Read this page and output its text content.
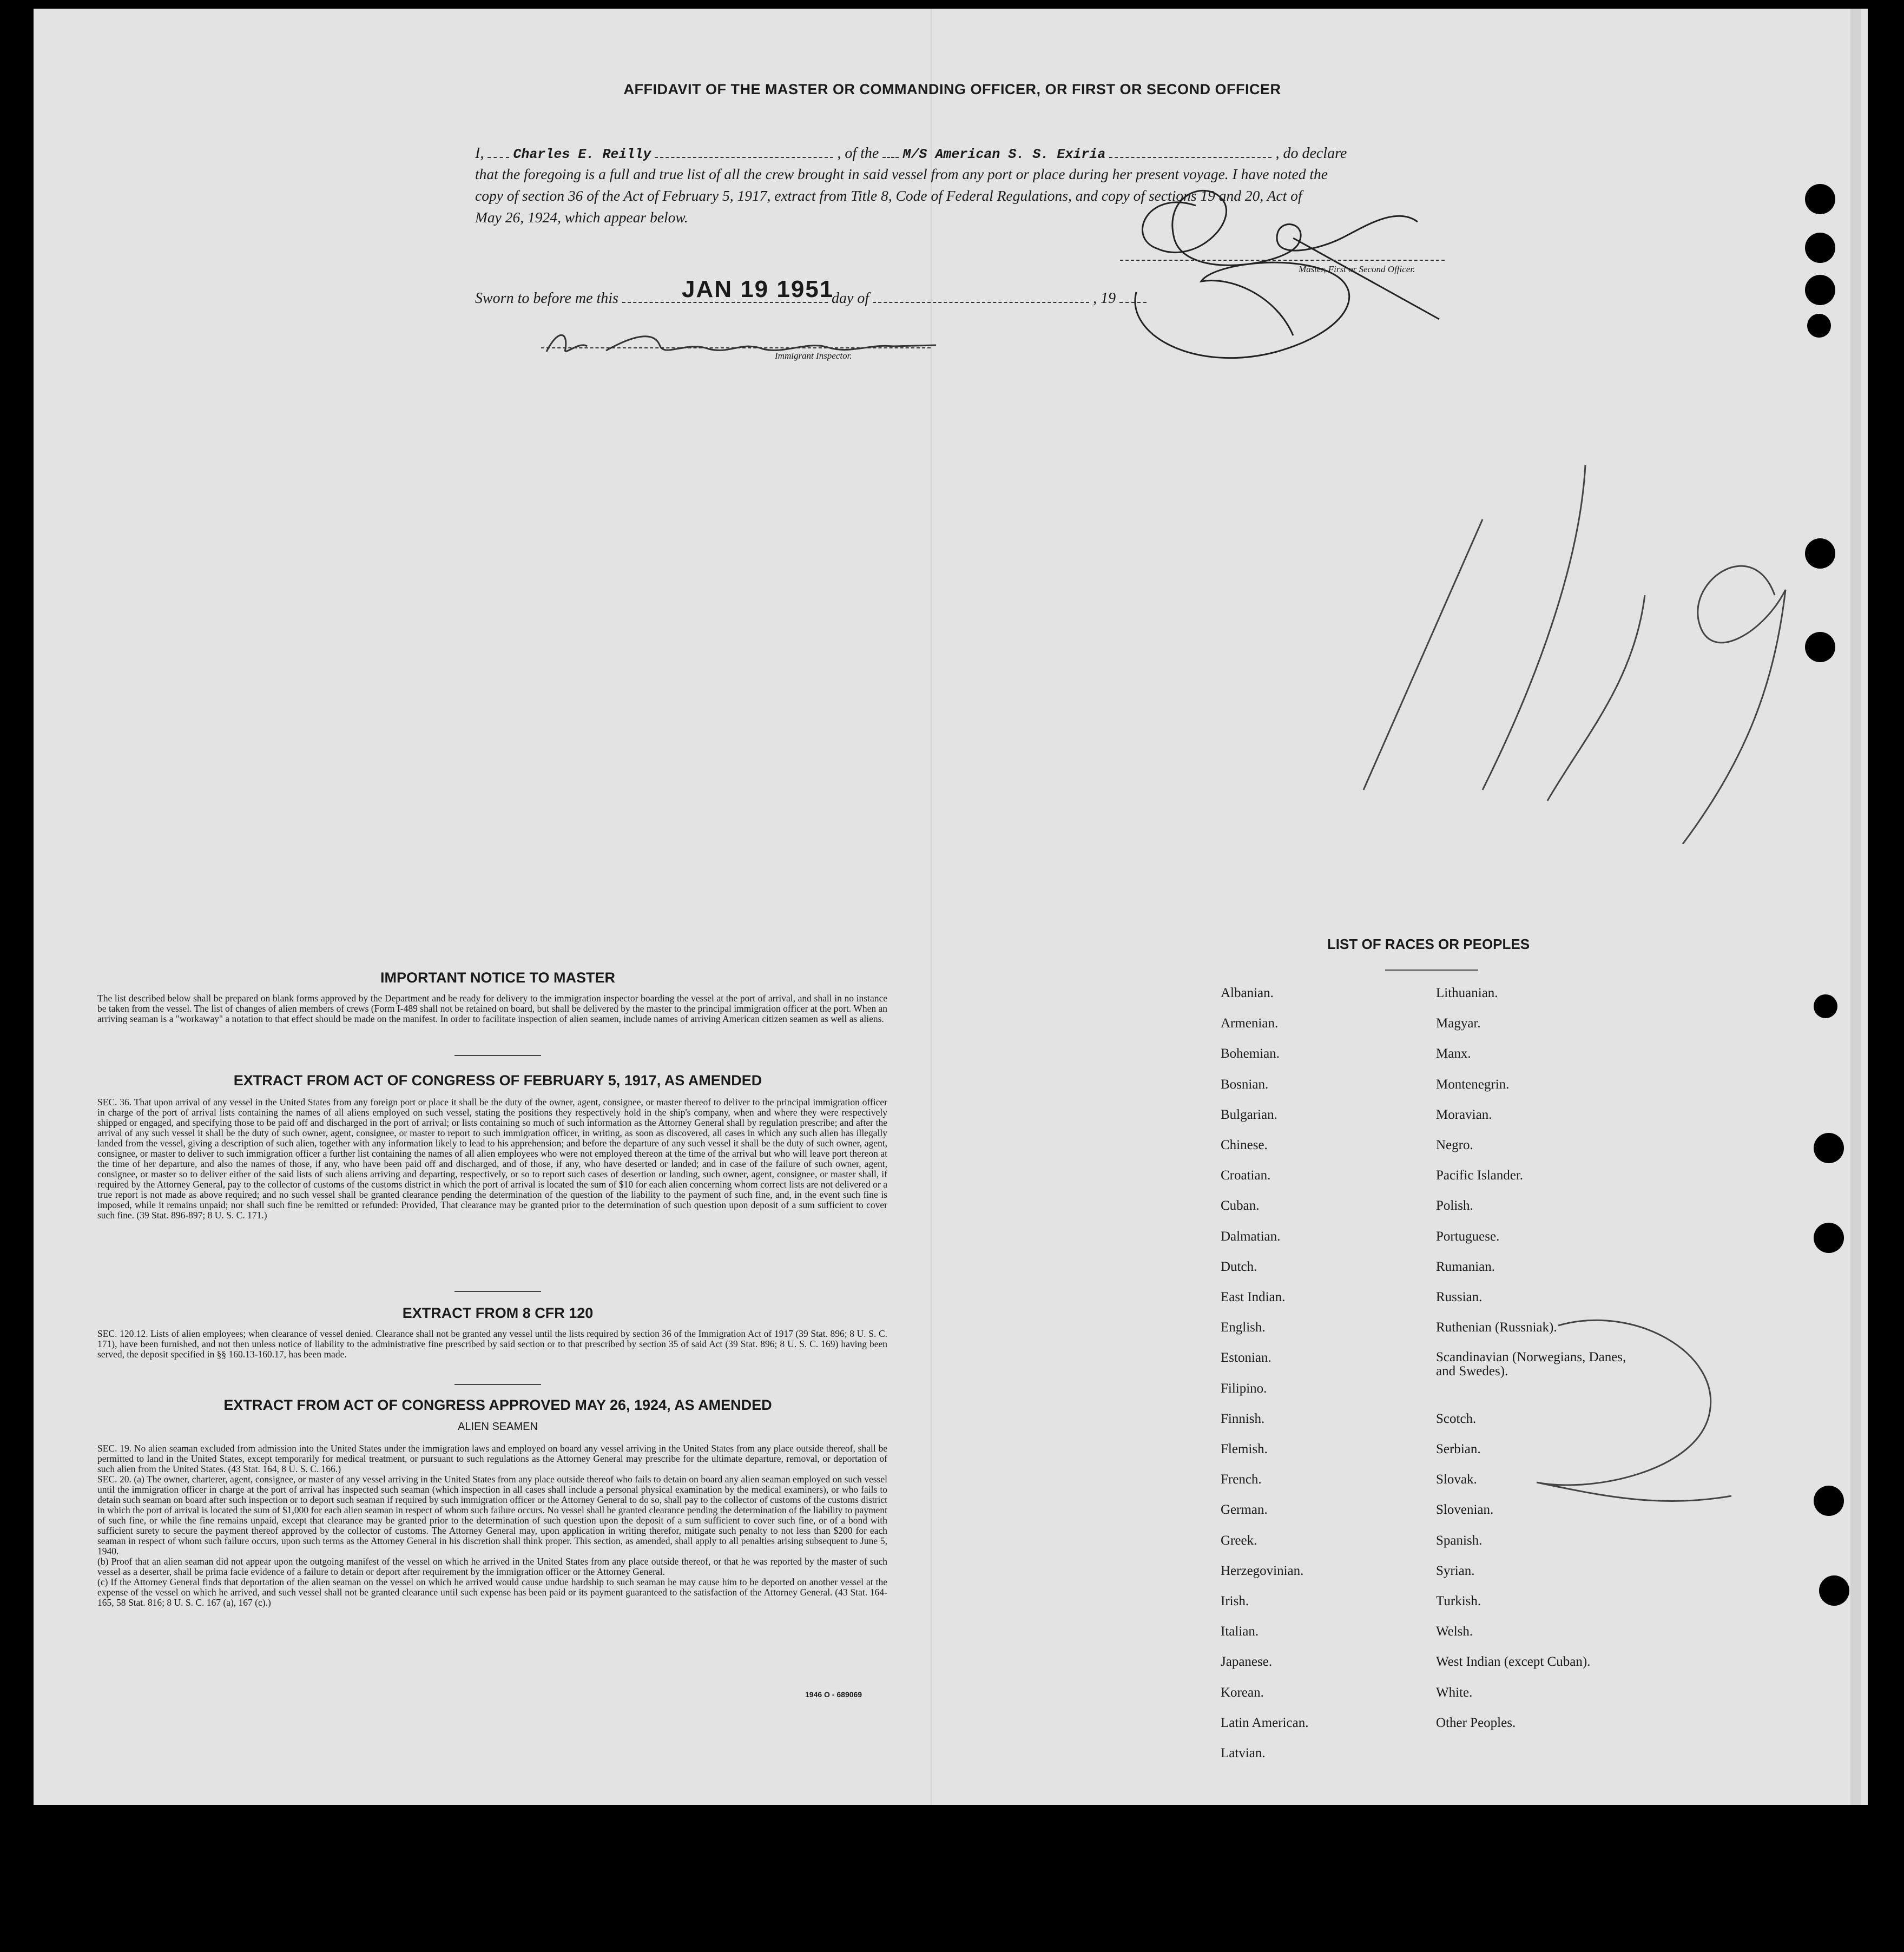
AFFIDAVIT OF THE MASTER OR COMMANDING OFFICER, OR FIRST OR SECOND OFFICER
I, Charles E. Reilly	, of the M/S American S. S. Exiria	, do declare
that the foregoing is a full and true list of all the crew brought in said vessel from any port or place during her present voyage. I have noted the
copy of section 36 of the Act of February 5, 1917, extract from Title 8, Code of Federal Regulations, and copy of sections 19 and 20, Act of
May 26, 1924, which appear below.
Master, First or Second Officer.
Sworn to before me this	JAN 19 1951
day of	, 19
Immigrant Inspector.
IMPORTANT NOTICE TO MASTER
The list described below shall be prepared on blank forms approved by the Department and be ready for delivery to the immigration inspector boarding the vessel at the port of arrival, and shall in no instance be taken from the vessel. The list of changes of alien members of crews (Form I-489 shall not be retained on board, but shall be delivered by the master to the principal immigration officer at the port. When an arriving seaman is a "workaway" a notation to that effect should be made on the manifest. In order to facilitate inspection of alien seamen, include names of arriving American citizen seamen as well as aliens.
EXTRACT FROM ACT OF CONGRESS OF FEBRUARY 5, 1917, AS AMENDED
SEC. 36. That upon arrival of any vessel in the United States from any foreign port or place it shall be the duty of the owner, agent, consignee, or master thereof to deliver to the principal immigration officer in charge of the port of arrival lists containing the names of all aliens employed on such vessel, stating the positions they respectively hold in the ship's company, when and where they were respectively shipped or engaged, and specifying those to be paid off and discharged in the port of arrival; or lists containing so much of such information as the Attorney General shall by regulation prescribe; and after the arrival of any such vessel it shall be the duty of such owner, agent, consignee, or master to report to such immigration officer, in writing, as soon as discovered, all cases in which any such alien has illegally landed from the vessel, giving a description of such alien, together with any information likely to lead to his apprehension; and before the departure of any such vessel it shall be the duty of such owner, agent, consignee, or master to deliver to such immigration officer a further list containing the names of all alien employees who were not employed thereon at the time of the arrival but who will leave port thereon at the time of her departure, and also the names of those, if any, who have been paid off and discharged, and of those, if any, who have deserted or landed; and in case of the failure of such owner, agent, consignee, or master so to deliver either of the said lists of such aliens arriving and departing, respectively, or so to report such cases of desertion or landing, such owner, agent, consignee, or master shall, if required by the Attorney General, pay to the collector of customs of the customs district in which the port of arrival is located the sum of $10 for each alien concerning whom correct lists are not delivered or a true report is not made as above required; and no such vessel shall be granted clearance pending the determination of the question of the liability to the payment of such fine, and, in the event such fine is imposed, while it remains unpaid; nor shall such fine be remitted or refunded: Provided, That clearance may be granted prior to the determination of such question upon deposit of a sum sufficient to cover such fine. (39 Stat. 896-897; 8 U. S. C. 171.)
EXTRACT FROM 8 CFR 120
SEC. 120.12. Lists of alien employees; when clearance of vessel denied. Clearance shall not be granted any vessel until the lists required by section 36 of the Immigration Act of 1917 (39 Stat. 896; 8 U. S. C. 171), have been furnished, and not then unless notice of liability to the administrative fine prescribed by said section or to that prescribed by section 35 of said Act (39 Stat. 896; 8 U. S. C. 169) having been served, the deposit specified in §§ 160.13-160.17, has been made.
EXTRACT FROM ACT OF CONGRESS APPROVED MAY 26, 1924, AS AMENDED
ALIEN SEAMEN
SEC. 19. No alien seaman excluded from admission into the United States under the immigration laws and employed on board any vessel arriving in the United States from any place outside thereof, shall be permitted to land in the United States, except temporarily for medical treatment, or pursuant to such regulations as the Attorney General may prescribe for the ultimate departure, removal, or deportation of such alien from the United States. (43 Stat. 164, 8 U. S. C. 166.)
SEC. 20. (a) The owner, charterer, agent, consignee, or master of any vessel arriving in the United States from any place outside thereof who fails to detain on board any alien seaman employed on such vessel until the immigration officer in charge at the port of arrival has inspected such seaman (which inspection in all cases shall include a personal physical examination by the medical examiners), or who fails to detain such seaman on board after such inspection or to deport such seaman if required by such immigration officer or the Attorney General to do so, shall pay to the collector of customs of the customs district in which the port of arrival is located the sum of $1,000 for each alien seaman in respect of whom such failure occurs. No vessel shall be granted clearance pending the determination of the liability to payment of such fine, or while the fine remains unpaid, except that clearance may be granted prior to the determination of such question upon the deposit of a sum sufficient to cover such fine, or of a bond with sufficient surety to secure the payment thereof approved by the collector of customs. The Attorney General may, upon application in writing therefor, mitigate such penalty to not less than $200 for each seaman in respect of whom such failure occurs, upon such terms as the Attorney General in his discretion shall think proper. This section, as amended, shall apply to all penalties arising subsequent to June 5, 1940.
(b) Proof that an alien seaman did not appear upon the outgoing manifest of the vessel on which he arrived in the United States from any place outside thereof, or that he was reported by the master of such vessel as a deserter, shall be prima facie evidence of a failure to detain or deport after requirement by the immigration officer or the Attorney General.
(c) If the Attorney General finds that deportation of the alien seaman on the vessel on which he arrived would cause undue hardship to such seaman he may cause him to be deported on another vessel at the expense of the vessel on which he arrived, and such vessel shall not be granted clearance until such expense has been paid or its payment guaranteed to the satisfaction of the Attorney General. (43 Stat. 164-165, 58 Stat. 816; 8 U. S. C. 167 (a), 167 (c).)
1946 O - 689069
LIST OF RACES OR PEOPLES
Albanian.
Armenian.
Bohemian.
Bosnian.
Bulgarian.
Chinese.
Croatian.
Cuban.
Dalmatian.
Dutch.
East Indian.
English.
Estonian.
Filipino.
Finnish.
Flemish.
French.
German.
Greek.
Herzegovinian.
Irish.
Italian.
Japanese.
Korean.
Latin American.
Latvian.
Lithuanian.
Magyar.
Manx.
Montenegrin.
Moravian.
Negro.
Pacific Islander.
Polish.
Portuguese.
Rumanian.
Russian.
Ruthenian (Russniak).
Scandinavian (Norwegians, Danes, and Swedes).
Scotch.
Serbian.
Slovak.
Slovenian.
Spanish.
Syrian.
Turkish.
Welsh.
West Indian (except Cuban).
White.
Other Peoples.
